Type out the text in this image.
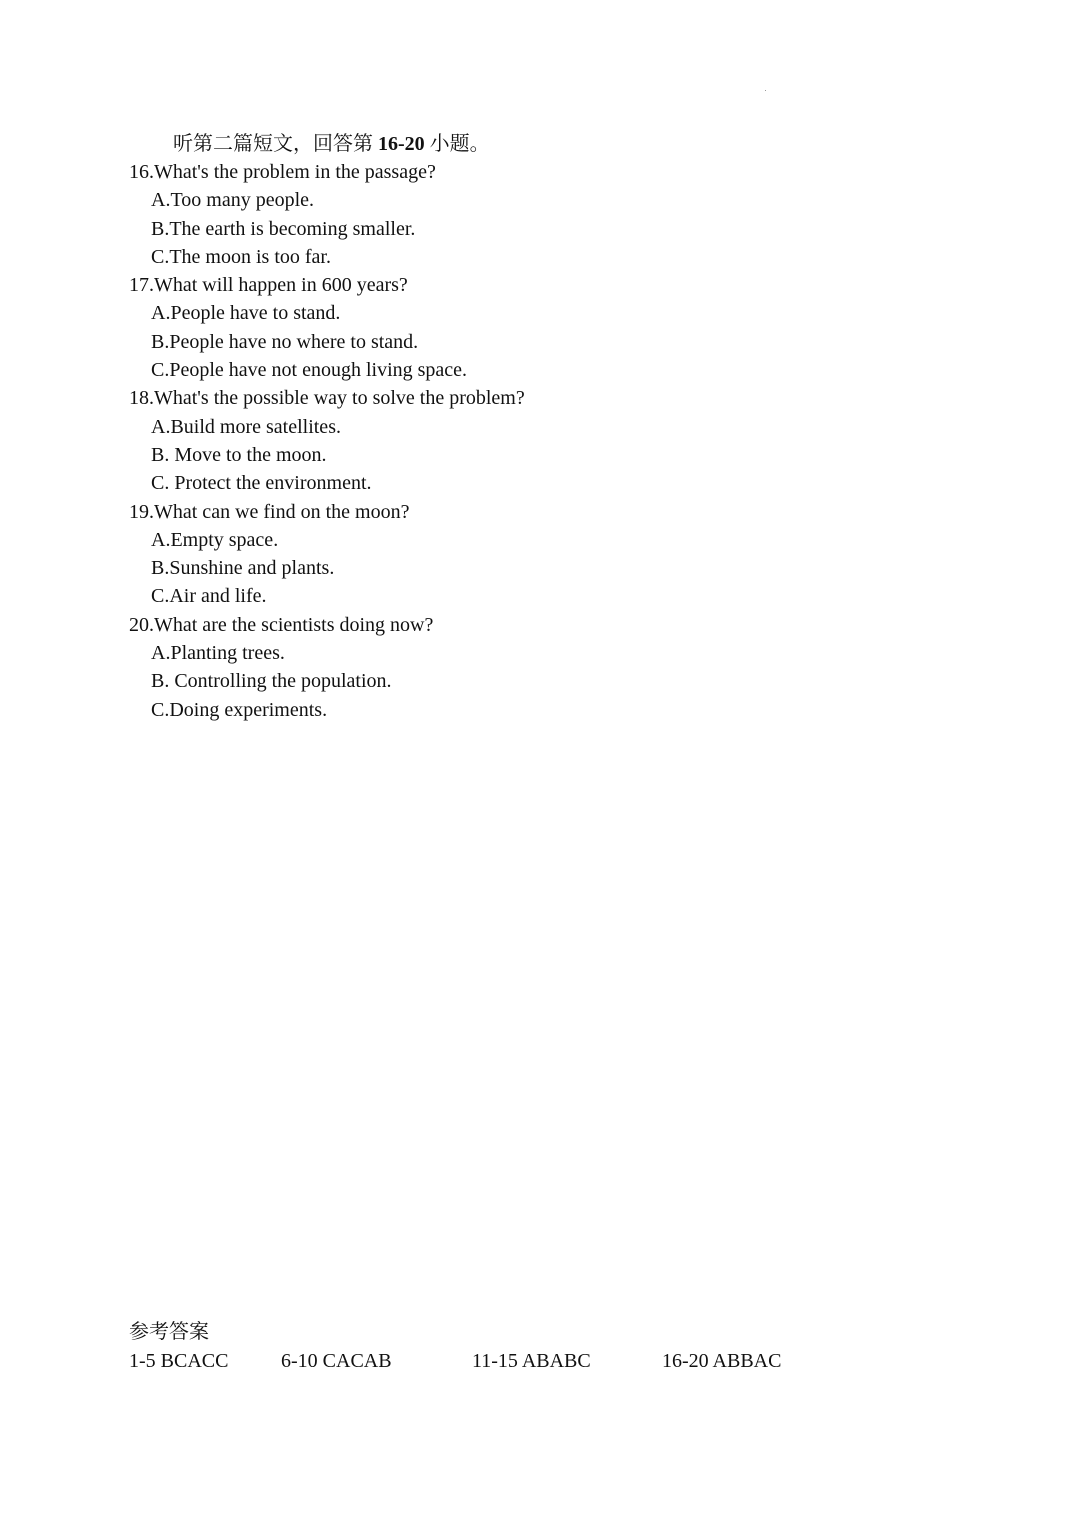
听第二篇短文，回答第 16-20 小题。
16.What's the problem in the passage?
A.Too many people.
B.The earth is becoming smaller.
C.The moon is too far.
17.What will happen in 600 years?
A.People have to stand.
B.People have no where to stand.
C.People have not enough living space.
18.What's the possible way to solve the problem?
A.Build more satellites.
B. Move to the moon.
C. Protect the environment.
19.What can we find on the moon?
A.Empty space.
B.Sunshine and plants.
C.Air and life.
20.What are the scientists doing now?
A.Planting trees.
B. Controlling the population.
C.Doing experiments.
参考答案
1-5 BCACC	6-10 CACAB	11-15 ABABC	16-20 ABBAC
